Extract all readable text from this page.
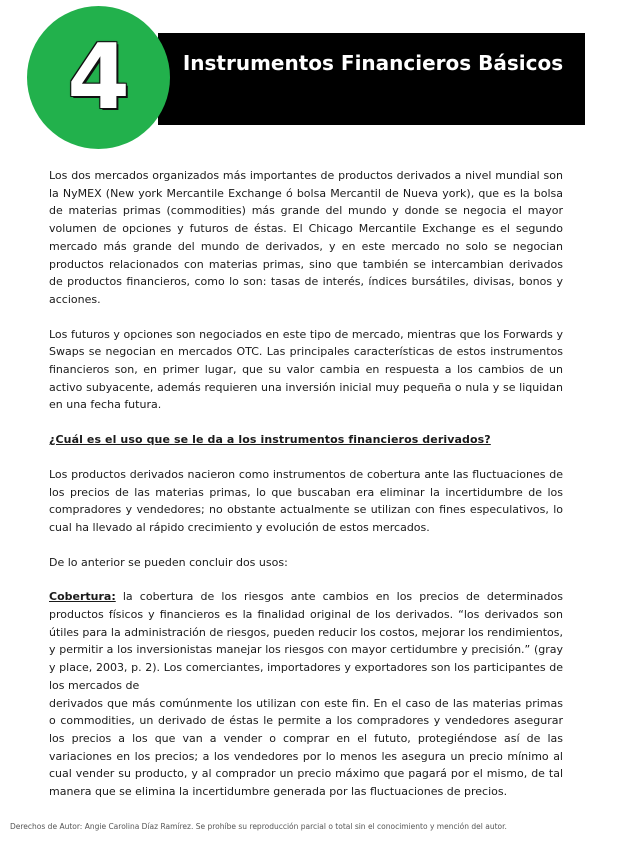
Instrumentos Financieros Básicos
4

Los dos mercados organizados más importantes de productos derivados a nivel mundial son la NyMEX (New york Mercantile Exchange ó bolsa Mercantil de Nueva york), que es la bolsa de materias primas (commodities) más grande del mundo y donde se negocia el mayor volumen de opciones y futuros de éstas. El Chicago Mercantile Exchange es el segundo mercado más grande del mundo de derivados, y en este mercado no solo se negocian productos relacionados con materias primas, sino que también se intercambian derivados de productos financieros, como lo son: tasas de interés, índices bursátiles, divisas, bonos y acciones.

Los futuros y opciones son negociados en este tipo de mercado, mientras que los Forwards y Swaps se negocian en mercados OTC. Las principales características de estos instrumentos financieros son, en primer lugar, que su valor cambia en respuesta a los cambios de un activo subyacente, además requieren una inversión inicial muy pequeña o nula y se liquidan en una fecha futura.

¿Cuál es el uso que se le da a los instrumentos financieros derivados?

Los productos derivados nacieron como instrumentos de cobertura ante las fluctuaciones de los precios de las materias primas, lo que buscaban era eliminar la incertidumbre de los compradores y vendedores; no obstante actualmente se utilizan con fines especulativos, lo cual ha llevado al rápido crecimiento y evolución de estos mercados.

De lo anterior se pueden concluir dos usos:

Cobertura: la cobertura de los riesgos ante cambios en los precios de determinados productos físicos y financieros es la finalidad original de los derivados. “los derivados son útiles para la administración de riesgos, pueden reducir los costos, mejorar los rendimientos, y permitir a los inversionistas manejar los riesgos con mayor certidumbre y precisión.” (gray y place, 2003, p. 2). Los comerciantes, importadores y exportadores son los participantes de los mercados de

derivados que más comúnmente los utilizan con este fin. En el caso de las materias primas o commodities, un derivado de éstas le permite a los compradores y vendedores asegurar los precios a los que van a vender o comprar en el fututo, protegiéndose así de las variaciones en los precios; a los vendedores por lo menos les asegura un precio mínimo al cual vender su producto, y al comprador un precio máximo que pagará por el mismo, de tal manera que se elimina la incertidumbre generada por las fluctuaciones de precios.

Derechos de Autor: Angie Carolina Díaz Ramírez. Se prohíbe su reproducción parcial o total sin el conocimiento y mención del autor.
